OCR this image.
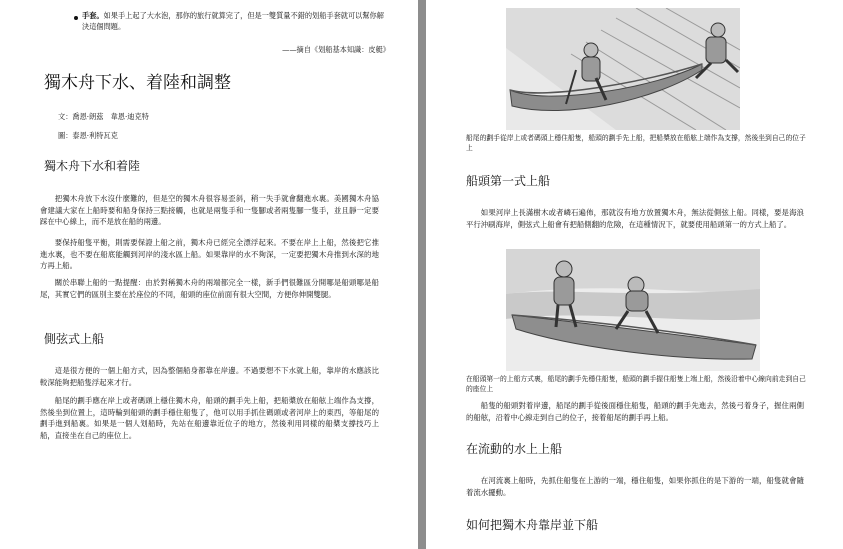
手套。如果手上起了大水泡，那你的旅行就算完了，但是一雙質量不錯的划船手套就可以幫你解決這個問題。
——摘自《划船基本知識：皮艇》
獨木舟下水、着陸和調整
文：喬恩·朗茲　韋恩·迪克特
圖：泰恩·利特瓦克
獨木舟下水和着陸
把獨木舟放下水沒什麼難的，但是空的獨木舟很容易歪斜，稍一失手就會翻進水裏。美國獨木舟協會建議大家在上船時要和船身保持三點接觸，也就是兩隻手和一隻腳或者兩隻腳一隻手，並且靜一定要踩在中心線上，而不是放在船的兩邊。
要保持船隻平衡，則需要保證上船之前，獨木舟已經完全漂浮起來。不要在岸上上船，然後把它推進水裏，也不要在船底能觸到河岸的淺水區上船。如果靠岸的水不夠深，一定要把獨木舟推到水深的地方再上船。
關於串聯上船的一點提醒：由於對稱獨木舟的兩端都完全一樣，新手們很難區分開哪是船頭哪是船尾，其實它們的區別主要在於座位的不同，船頭的座位前面有很大空間，方便你伸開雙腿。
側弦式上船
這是很方便的一個上船方式，因為整個船身都靠在岸邊。不過要想不下水就上船，靠岸的水應該比較深能夠把船隻浮起來才行。
船尾的劃手應在岸上或者碼頭上穩住獨木舟，船頭的劃手先上船，把船槳放在船舷上端作為支撐，然後坐到位置上，這時輪到船頭的劃手穩住船隻了，他可以用手抓住碼頭或者河岸上的東西，等船尾的劃手進到船裏。如果是一個人划船時，先站在船邊靠近位子的地方，然後利用同樣的船槳支撐技巧上船，直接坐在自己的座位上。
船尾的劃手從岸上或者碼頭上穩住船隻，船頭的劃手先上船，把船槳放在船舷上端作為支撐，然後坐到自己的位子上
船頭第一式上船
如果河岸上長滿樹木或者嶙石遍佈，那就沒有地方放置獨木舟，無法從側弦上船。同樣，要是海浪平行沖刷海岸，側弦式上船會有把船側翻的危險，在這種情況下，就要使用船頭第一的方式上船了。
在船頭第一的上船方式裏，船尾的劃手先穩住船隻，船頭的劃手握住船隻上端上船，然後沿着中心線向前走到自己的座位上
船隻的船頭對着岸邊，船尾的劃手從後面穩住船隻，船頭的劃手先進去，然後弓着身子，握住兩側的船舷，沿着中心線走到自己的位子，接着船尾的劃手再上船。
在流動的水上上船
在河流裏上船時，先抓住船隻在上游的一端，穩住船隻，如果你抓住的是下游的一端，船隻就會隨着流水擺動。
如何把獨木舟靠岸並下船
